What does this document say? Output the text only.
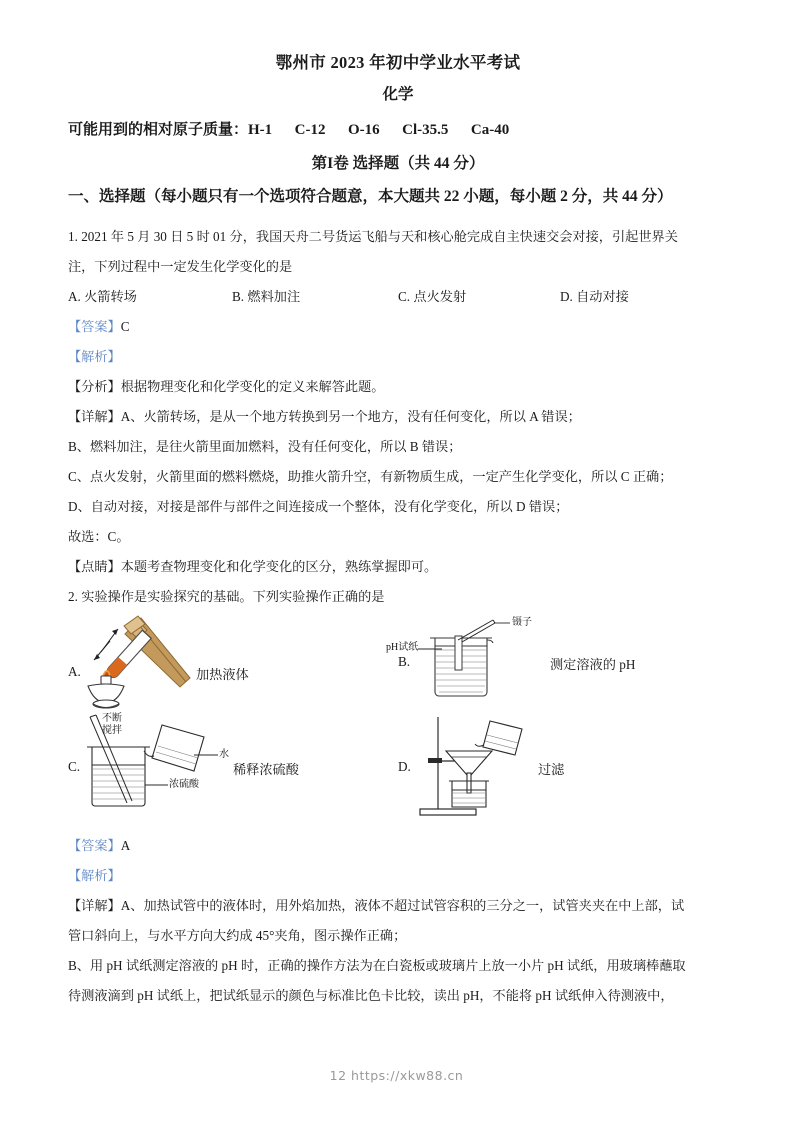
鄂州市 2023 年初中学业水平考试
化学
可能用到的相对原子质量：H-1      C-12      O-16      Cl-35.5      Ca-40
第I卷 选择题（共 44 分）
一、选择题（每小题只有一个选项符合题意，本大题共 22 小题，每小题 2 分，共 44 分）
1. 2021 年 5 月 30 日 5 时 01 分，我国天舟二号货运飞船与天和核心舱完成自主快速交会对接，引起世界关
注，下列过程中一定发生化学变化的是
A. 火箭转场	B. 燃料加注	C. 点火发射	D. 自动对接
【答案】C
【解析】
【分析】根据物理变化和化学变化的定义来解答此题。
【详解】A、火箭转场，是从一个地方转换到另一个地方，没有任何变化，所以 A 错误；
B、燃料加注，是往火箭里面加燃料，没有任何变化，所以 B 错误；
C、点火发射，火箭里面的燃料燃烧，助推火箭升空，有新物质生成，一定产生化学变化，所以 C 正确；
D、自动对接，对接是部件与部件之间连接成一个整体，没有化学变化，所以 D 错误；
故选：C。
【点睛】本题考查物理变化和化学变化的区分，熟练掌握即可。
2. 实验操作是实验探究的基础。下列实验操作正确的是
A.	加热液体
B.
pH试纸
镊子
测定溶液的 pH
C.
不断
搅拌
水
浓硫酸
稀释浓硫酸	D.	过滤
【答案】A
【解析】
【详解】A、加热试管中的液体时，用外焰加热，液体不超过试管容积的三分之一，试管夹夹在中上部，试
管口斜向上，与水平方向大约成 45°夹角，图示操作正确；
B、用 pH 试纸测定溶液的 pH 时，正确的操作方法为在白瓷板或玻璃片上放一小片 pH 试纸，用玻璃棒蘸取
待测液滴到 pH 试纸上，把试纸显示的颜色与标准比色卡比较，读出 pH，不能将 pH 试纸伸入待测液中，
12 https://xkw88.cn
